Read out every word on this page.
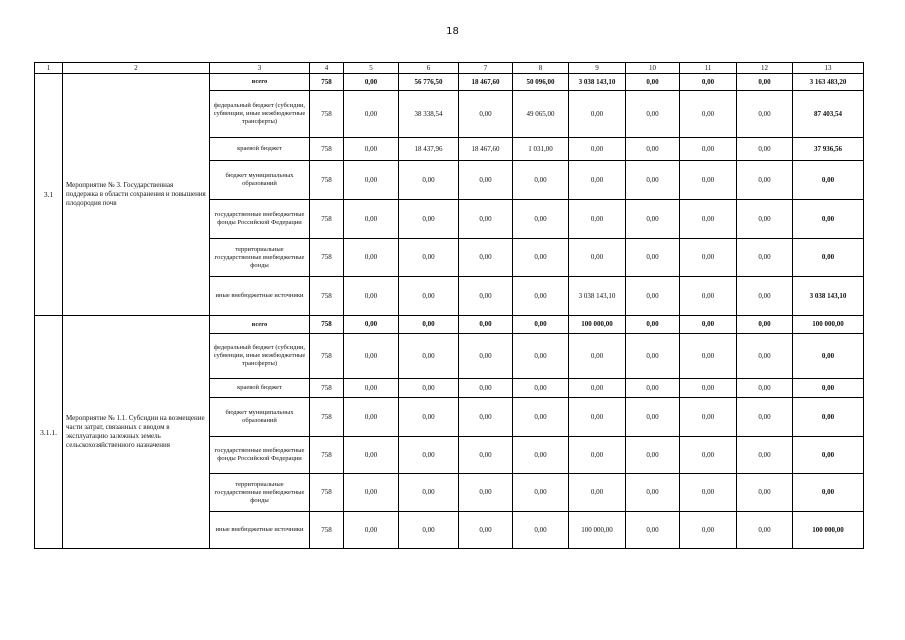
18
1	2	3	4	5	6	7	8	9	10	11	12	13
3.1	Мероприятие № 3. Государственная поддержка в области сохранения и повышения плодородия почв	всего	758	0,00	56 776,50	18 467,60	50 096,00	3 038 143,10	0,00	0,00	0,00	3 163 483,20
		федеральный бюджет (субсидии, субвенции, иные межбюджетные трансферты)	758	0,00	38 338,54	0,00	49 065,00	0,00	0,00	0,00	0,00	87 403,54
		краевой бюджет	758	0,00	18 437,96	18 467,60	1 031,00	0,00	0,00	0,00	0,00	37 936,56
		бюджет муниципальных образований	758	0,00	0,00	0,00	0,00	0,00	0,00	0,00	0,00	0,00
		государственные внебюджетные фонды Российской Федерации	758	0,00	0,00	0,00	0,00	0,00	0,00	0,00	0,00	0,00
		территориальные государственные внебюджетные фонды	758	0,00	0,00	0,00	0,00	0,00	0,00	0,00	0,00	0,00
		иные внебюджетные источники	758	0,00	0,00	0,00	0,00	3 038 143,10	0,00	0,00	0,00	3 038 143,10
3.1.1.	Мероприятие № 1.1. Субсидии на возмещение части затрат, связанных с вводом в эксплуатацию залежных земель сельскохозяйственного назначения	всего	758	0,00	0,00	0,00	0,00	100 000,00	0,00	0,00	0,00	100 000,00
		федеральный бюджет (субсидии, субвенции, иные межбюджетные трансферты)	758	0,00	0,00	0,00	0,00	0,00	0,00	0,00	0,00	0,00
		краевой бюджет	758	0,00	0,00	0,00	0,00	0,00	0,00	0,00	0,00	0,00
		бюджет муниципальных образований	758	0,00	0,00	0,00	0,00	0,00	0,00	0,00	0,00	0,00
		государственные внебюджетные фонды Российской Федерации	758	0,00	0,00	0,00	0,00	0,00	0,00	0,00	0,00	0,00
		территориальные государственные внебюджетные фонды	758	0,00	0,00	0,00	0,00	0,00	0,00	0,00	0,00	0,00
		иные внебюджетные источники	758	0,00	0,00	0,00	0,00	100 000,00	0,00	0,00	0,00	100 000,00
